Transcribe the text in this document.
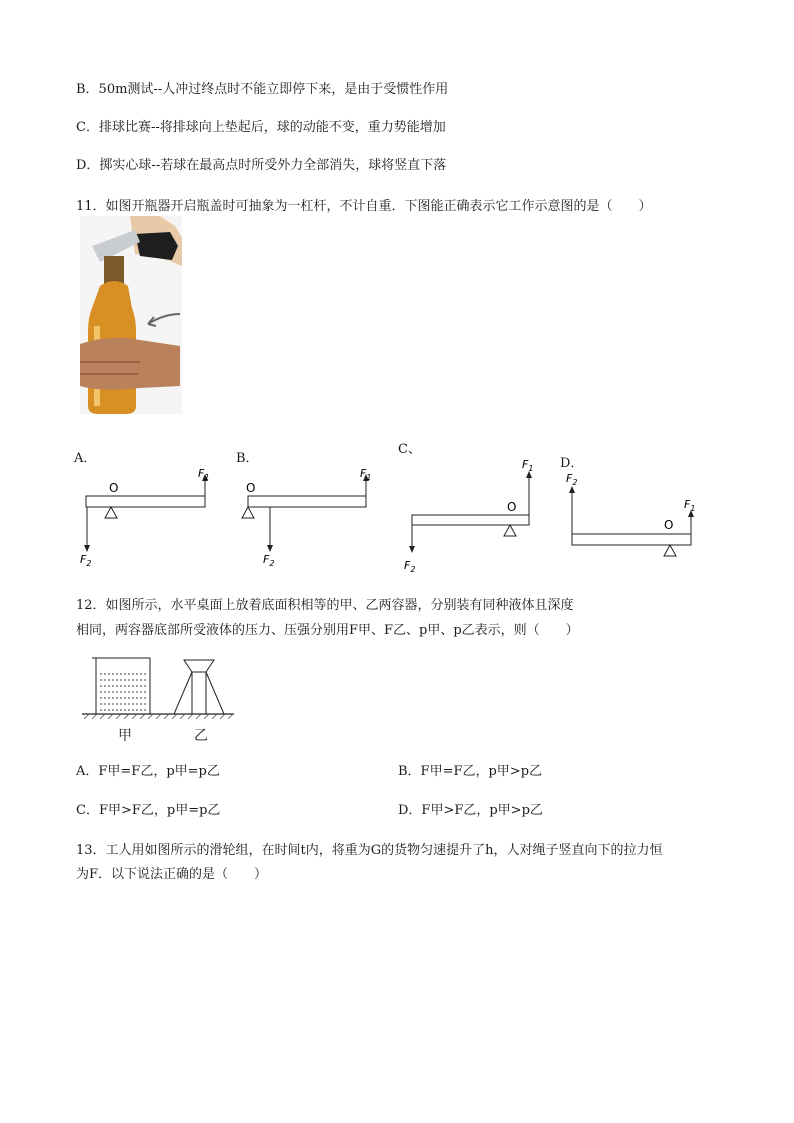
B．50m测试--人冲过终点时不能立即停下来，是由于受惯性作用
C．排球比赛--将排球向上垫起后，球的动能不变，重力势能增加
D．掷实心球--若球在最高点时所受外力全部消失，球将竖直下落
11．如图开瓶器开启瓶盖时可抽象为一杠杆，不计自重．下图能正确表示它工作示意图的是（　　）
A．
O
$F_2$
$F_1$
B．
O
$F_2$
$F_1$
C、
O
$F_2$
$F_1$ D．
O
$F_2$
$F_1$
12．如图所示，水平桌面上放着底面积相等的甲、乙两容器，分别装有同种液体且深度
相同，两容器底部所受液体的压力、压强分别用F甲、F乙、p甲、p乙表示，则（　　）
甲	乙
A．F甲=F乙，p甲=p乙	B．F甲=F乙，p甲>p乙
C．F甲>F乙，p甲=p乙	D．F甲>F乙，p甲>p乙
13．工人用如图所示的滑轮组，在时间t内，将重为G的货物匀速提升了h，人对绳子竖直向下的拉力恒
为F．以下说法正确的是（　　）
